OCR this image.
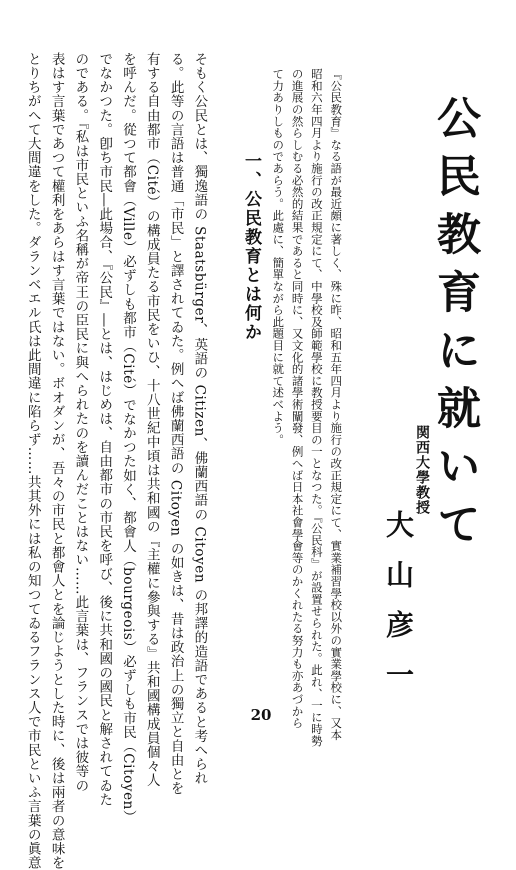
公民教育に就いて
関西大學教授
大山彦一
『公民教育』なる語が最近頗に著しく、殊に昨、昭和五年四月より施行の改正規定にて、實業補習學校以外の實業學校に、又本
昭和六年四月より施行の改正規定にて、中學校及師範學校に教授要目の一となつた。『公民科』が設置せられた。此れ、一に時勢
の進展の然らしむる必然的結果であると同時に、又文化的諸學術闡發、例へば日本社會學會等のかくれたる努力も亦あづから
て力ありしものであらう。此處に、簡單ながら此題目に就て述べよう。
一、公民教育とは何か
そもく公民とは、獨逸語の Staatsbürger、英語の Citizen、佛蘭西語の Citoyen の邦譯的造語であると考へられ
る。此等の言語は普通「市民」と譯されてゐた。例へば佛蘭西語の Citoyen の如きは、昔は政治上の獨立と自由とを
有する自由都市（Cité）の構成員たる市民をいひ、十八世紀中頃は共和國の『主權に參與する』共和國構成員個々人
を呼んだ。從つて都會（Ville）必ずしも都市（Cité）でなかつた如く、都會人（bourgeois）必ずしも市民（Citoyen）
でなかつた。卽ち市民―此場合、『公民』―とは、はじめは、自由都市の市民を呼び、後に共和國の國民と解されてゐた
のである。『私は市民といふ名稱が帝王の臣民に與へられたのを讀んだことはない……此言葉は、フランスでは彼等の
表はす言葉であつて權利をあらはす言葉ではない。ボオダンが、吾々の市民と都會人とを論じようとした時に、後は兩者の意味を
とりちがへて大間違をした。ダランベエル氏は此間違に陷らず……共其外には私の知つてゐるフランス人で市民といふ言葉の眞意	20
